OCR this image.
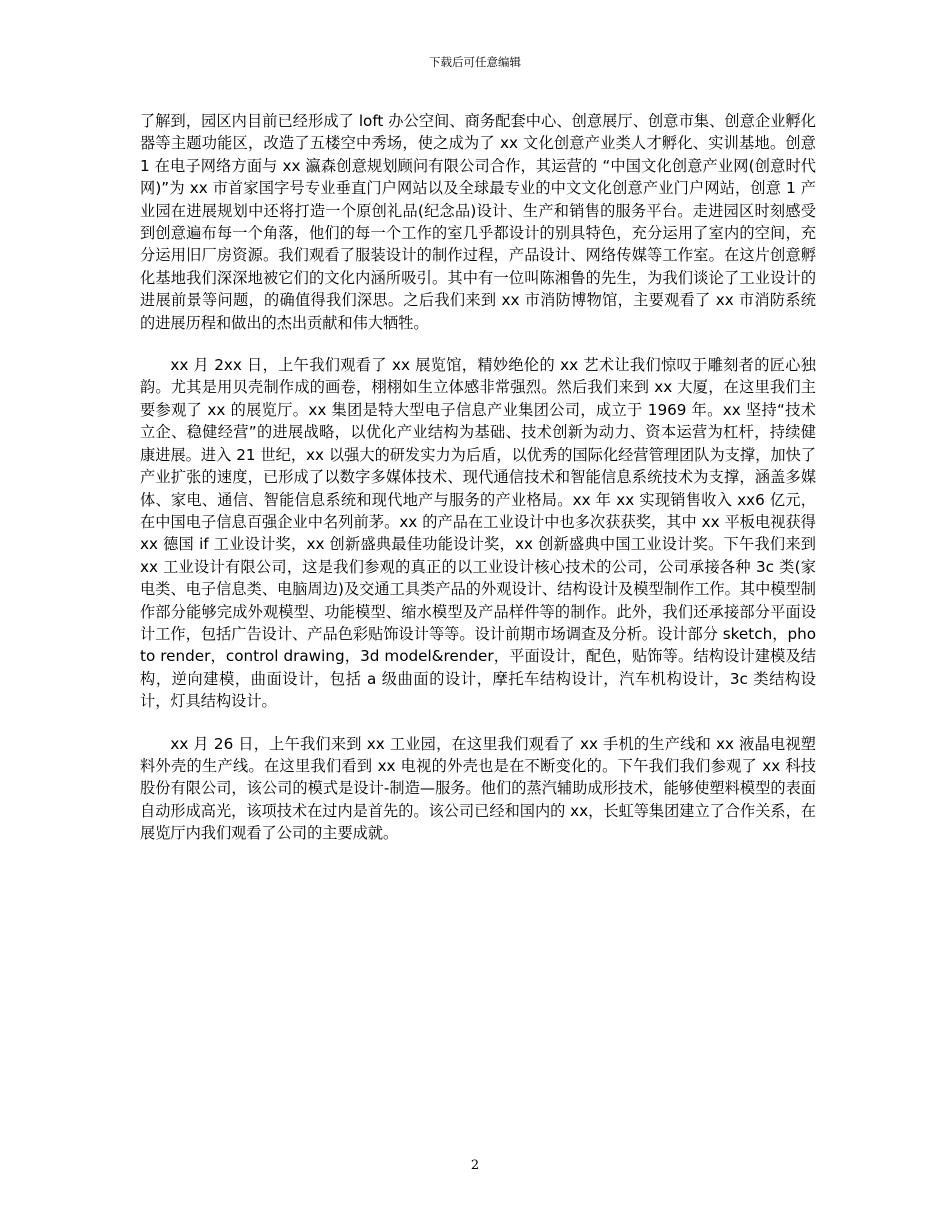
下载后可任意编辑

了解到，园区内目前已经形成了 loft 办公空间、商务配套中心、创意展厅、创意市集、创意企业孵化器等主题功能区，改造了五楼空中秀场，使之成为了 xx 文化创意产业类人才孵化、实训基地。创意 1 在电子网络方面与 xx 瀛森创意规划顾问有限公司合作，其运营的 “中国文化创意产业网(创意时代网)”为 xx 市首家国字号专业垂直门户网站以及全球最专业的中文文化创意产业门户网站，创意 1 产业园在进展规划中还将打造一个原创礼品(纪念品)设计、生产和销售的服务平台。走进园区时刻感受到创意遍布每一个角落，他们的每一个工作的室几乎都设计的别具特色，充分运用了室内的空间，充分运用旧厂房资源。我们观看了服装设计的制作过程，产品设计、网络传媒等工作室。在这片创意孵化基地我们深深地被它们的文化内涵所吸引。其中有一位叫陈湘鲁的先生，为我们谈论了工业设计的进展前景等问题，的确值得我们深思。之后我们来到 xx 市消防博物馆，主要观看了 xx 市消防系统的进展历程和做出的杰出贡献和伟大牺牲。

xx 月 2xx 日，上午我们观看了 xx 展览馆，精妙绝伦的 xx 艺术让我们惊叹于雕刻者的匠心独韵。尤其是用贝壳制作成的画卷，栩栩如生立体感非常强烈。然后我们来到 xx 大厦，在这里我们主要参观了 xx 的展览厅。xx 集团是特大型电子信息产业集团公司，成立于 1969 年。xx 坚持“技术立企、稳健经营”的进展战略，以优化产业结构为基础、技术创新为动力、资本运营为杠杆，持续健康进展。进入 21 世纪，xx 以强大的研发实力为后盾，以优秀的国际化经营管理团队为支撑，加快了产业扩张的速度，已形成了以数字多媒体技术、现代通信技术和智能信息系统技术为支撑，涵盖多媒体、家电、通信、智能信息系统和现代地产与服务的产业格局。xx 年 xx 实现销售收入 xx6 亿元，在中国电子信息百强企业中名列前茅。xx 的产品在工业设计中也多次获获奖，其中 xx 平板电视获得 xx 德国 if 工业设计奖，xx 创新盛典最佳功能设计奖，xx 创新盛典中国工业设计奖。下午我们来到 xx 工业设计有限公司，这是我们参观的真正的以工业设计核心技术的公司，公司承接各种 3c 类(家电类、电子信息类、电脑周边)及交通工具类产品的外观设计、结构设计及模型制作工作。其中模型制作部分能够完成外观模型、功能模型、缩水模型及产品样件等的制作。此外，我们还承接部分平面设计工作，包括广告设计、产品色彩贴饰设计等等。设计前期市场调查及分析。设计部分 sketch，photo render，control drawing，3d model&render，平面设计，配色，贴饰等。结构设计建模及结构，逆向建模，曲面设计，包括 a 级曲面的设计，摩托车结构设计，汽车机构设计，3c 类结构设计，灯具结构设计。

xx 月 26 日，上午我们来到 xx 工业园，在这里我们观看了 xx 手机的生产线和 xx 液晶电视塑料外壳的生产线。在这里我们看到 xx 电视的外壳也是在不断变化的。下午我们我们参观了 xx 科技股份有限公司，该公司的模式是设计-制造—服务。他们的蒸汽辅助成形技术，能够使塑料模型的表面自动形成高光，该项技术在过内是首先的。该公司已经和国内的 xx，长虹等集团建立了合作关系，在展览厅内我们观看了公司的主要成就。

2
